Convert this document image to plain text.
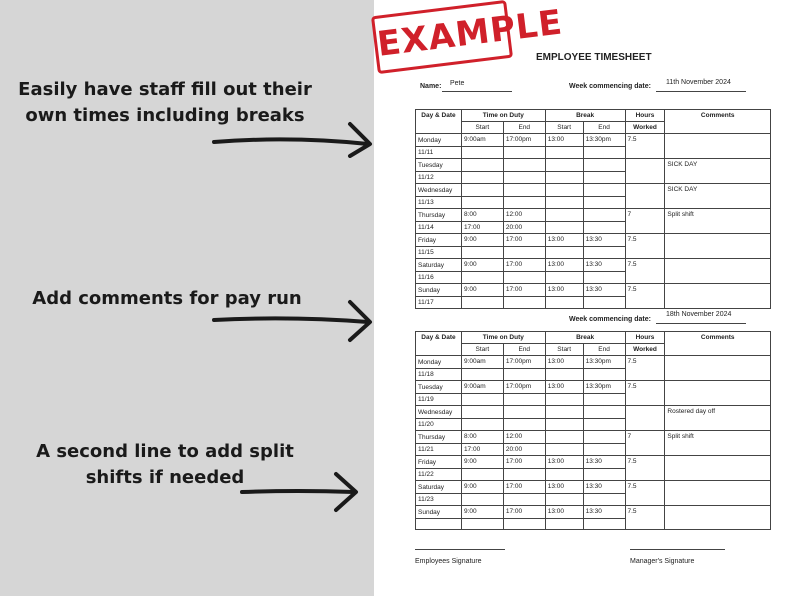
Easily have staff fill out their
own times including breaks
Add comments for pay run
A second line to add split
shifts if needed
EXAMPLE
EMPLOYEE TIMESHEET
Name: Pete	Week commencing date:
11th November 2024
Day & Date	Time on Duty		Break		Hours	Comments
	Start	End	Start	End	Worked	
Monday	9:00am	17:00pm	13:00	13:30pm	7.5	
11/11						
Tuesday						SICK DAY
11/12						
Wednesday						SICK DAY
11/13						
Thursday	8:00	12:00			7	Split shift
11/14	17:00	20:00				
Friday	9:00	17:00	13:00	13:30	7.5	
11/15						
Saturday	9:00	17:00	13:00	13:30	7.5	
11/16						
Sunday	9:00	17:00	13:00	13:30	7.5	
11/17						
Week commencing date:
18th November 2024
Day & Date	Time on Duty		Break		Hours	Comments
	Start	End	Start	End	Worked	
Monday	9:00am	17:00pm	13:00	13:30pm	7.5	
11/18						
Tuesday	9:00am	17:00pm	13:00	13:30pm	7.5	
11/19						
Wednesday						Rostered day off
11/20						
Thursday	8:00	12:00			7	Split shift
11/21	17:00	20:00				
Friday	9:00	17:00	13:00	13:30	7.5	
11/22						
Saturday	9:00	17:00	13:00	13:30	7.5	
11/23						
Sunday	9:00	17:00	13:00	13:30	7.5	

Employees Signature	Manager's Signature
